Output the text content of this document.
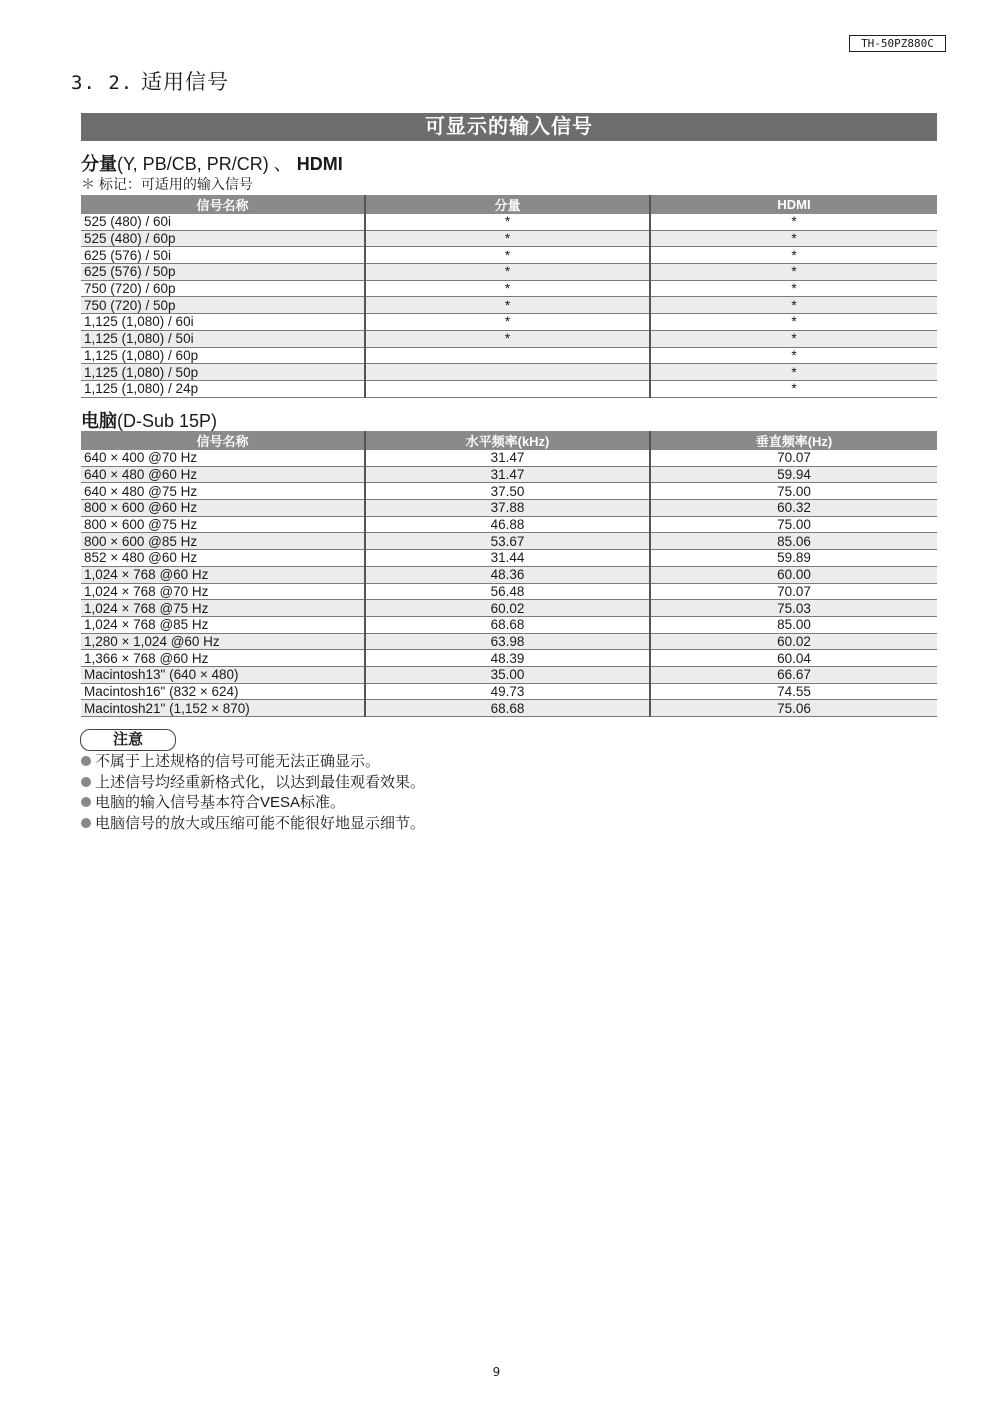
TH-50PZ880C
3. 2. 适用信号
可显示的输入信号
分量(Y, PB/CB, PR/CR) 、 HDMI
＊ 标记：可适用的输入信号
信号名称	分量	HDMI
525 (480) / 60i	*	*
525 (480) / 60p	*	*
625 (576) / 50i	*	*
625 (576) / 50p	*	*
750 (720) / 60p	*	*
750 (720) / 50p	*	*
1,125 (1,080) / 60i	*	*
1,125 (1,080) / 50i	*	*
1,125 (1,080) / 60p		*
1,125 (1,080) / 50p		*
1,125 (1,080) / 24p		*
电脑(D-Sub 15P)
信号名称	水平频率(kHz)	垂直频率(Hz)
640 × 400 @70 Hz	31.47	70.07
640 × 480 @60 Hz	31.47	59.94
640 × 480 @75 Hz	37.50	75.00
800 × 600 @60 Hz	37.88	60.32
800 × 600 @75 Hz	46.88	75.00
800 × 600 @85 Hz	53.67	85.06
852 × 480 @60 Hz	31.44	59.89
1,024 × 768 @60 Hz	48.36	60.00
1,024 × 768 @70 Hz	56.48	70.07
1,024 × 768 @75 Hz	60.02	75.03
1,024 × 768 @85 Hz	68.68	85.00
1,280 × 1,024 @60 Hz	63.98	60.02
1,366 × 768 @60 Hz	48.39	60.04
Macintosh13" (640 × 480)	35.00	66.67
Macintosh16" (832 × 624)	49.73	74.55
Macintosh21" (1,152 × 870)	68.68	75.06
注意
不属于上述规格的信号可能无法正确显示。
上述信号均经重新格式化，以达到最佳观看效果。
电脑的输入信号基本符合VESA标准。
电脑信号的放大或压缩可能不能很好地显示细节。
9
